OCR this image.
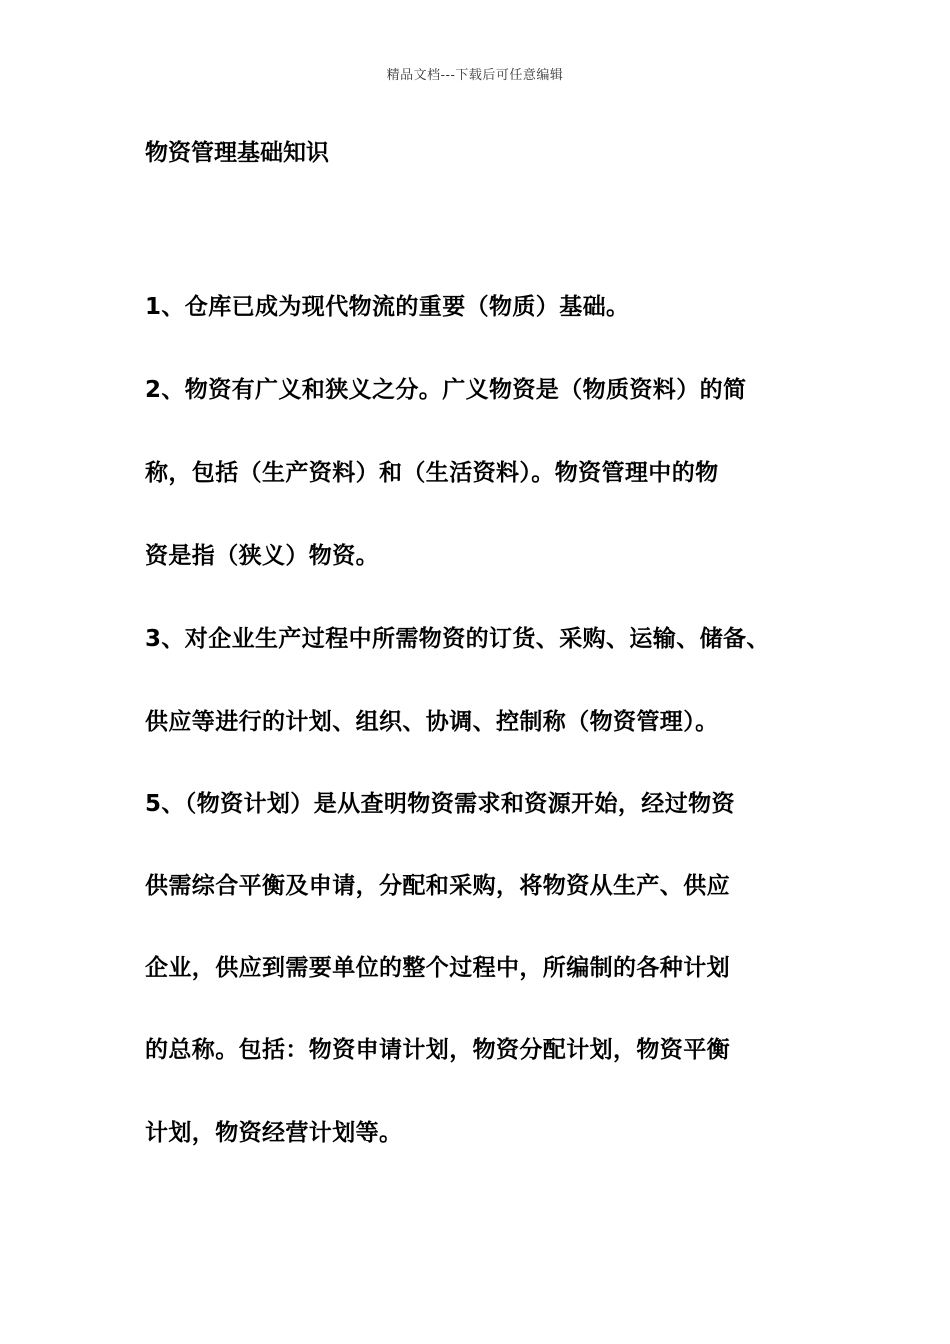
精品文档---下载后可任意编辑
物资管理基础知识
1、仓库已成为现代物流的重要（物质）基础。
2、物资有广义和狭义之分。广义物资是（物质资料）的简
称，包括（生产资料）和（生活资料）。物资管理中的物
资是指（狭义）物资。
3、对企业生产过程中所需物资的订货、采购、运输、储备、
供应等进行的计划、组织、协调、控制称（物资管理）。
5、（物资计划）是从查明物资需求和资源开始，经过物资
供需综合平衡及申请，分配和采购，将物资从生产、供应
企业，供应到需要单位的整个过程中，所编制的各种计划
的总称。包括：物资申请计划，物资分配计划，物资平衡
计划，物资经营计划等。
